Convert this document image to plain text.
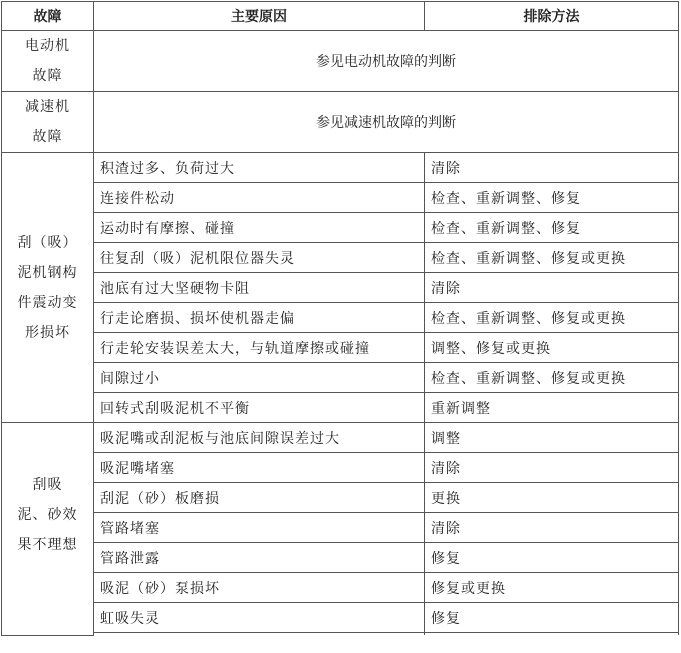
故障	主要原因	排除方法

电动机
故障	参见电动机故障的判断	

减速机
故障	参见减速机故障的判断	

刮（吸）
泥机钢构
件震动变
形损坏	积渣过多、负荷过大	清除
	连接件松动	检查、重新调整、修复
	运动时有摩擦、碰撞	检查、重新调整、修复
	往复刮（吸）泥机限位器失灵	检查、重新调整、修复或更换
	池底有过大坚硬物卡阻	清除
	行走论磨损、损坏使机器走偏	检查、重新调整、修复或更换
	行走轮安装误差太大，与轨道摩擦或碰撞	调整、修复或更换
	间隙过小	检查、重新调整、修复或更换
	回转式刮吸泥机不平衡	重新调整

刮吸
泥、砂效
果不理想	吸泥嘴或刮泥板与池底间隙误差过大	调整
	吸泥嘴堵塞	清除
	刮泥（砂）板磨损	更换
	管路堵塞	清除
	管路泄露	修复
	吸泥（砂）泵损坏	修复或更换
	虹吸失灵	修复
